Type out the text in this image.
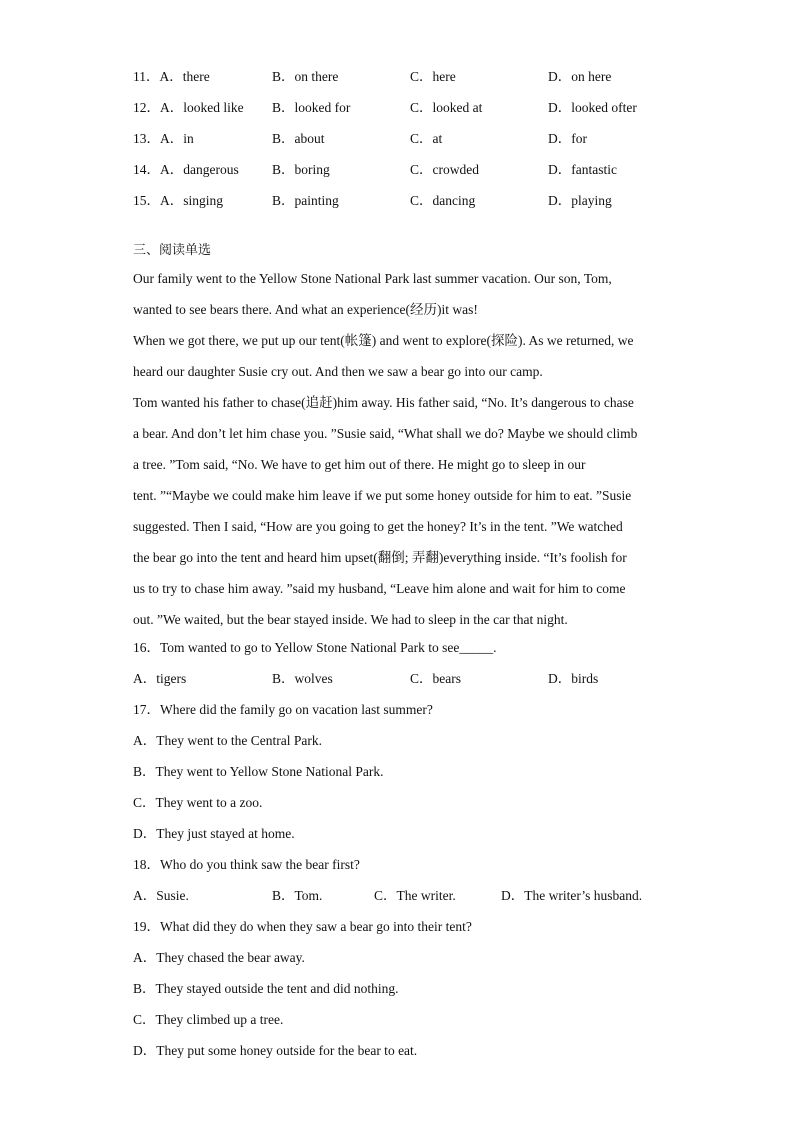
11．A．there	B．on there	C．here	D．on here
12．A．looked like B．looked for	C．looked at	D．looked ofter
13．A．in	B．about	C．at	D．for
14．A．dangerous B．boring	C．crowded	D．fantastic
15．A．singing	B．painting	C．dancing	D．playing
三、阅读单选

Our family went to the Yellow Stone National Park last summer vacation. Our son, Tom,

wanted to see bears there. And what an experience(经历)it was!

When we got there, we put up our tent(帐篷) and went to explore(探险). As we returned, we

heard our daughter Susie cry out. And then we saw a bear go into our camp.

Tom wanted his father to chase(追赶)him away. His father said, “No. It’s dangerous to chase

a bear. And don’t let him chase you. ”Susie said, “What shall we do? Maybe we should climb

a tree. ”Tom said, “No. We have to get him out of there. He might go to sleep in our

tent. ”“Maybe we could make him leave if we put some honey outside for him to eat. ”Susie

suggested. Then I said, “How are you going to get the honey? It’s in the tent. ”We watched

the bear go into the tent and heard him upset(翻倒; 弄翻)everything inside. “It’s foolish for

us to try to chase him away. ”said my husband, “Leave him alone and wait for him to come

out. ”We waited, but the bear stayed inside. We had to sleep in the car that night.

16．Tom wanted to go to Yellow Stone National Park to see_____.
A．tigers	B．wolves	C．bears	D．birds
17．Where did the family go on vacation last summer?
A．They went to the Central Park.
B．They went to Yellow Stone National Park.
C．They went to a zoo.
D．They just stayed at home.
18．Who do you think saw the bear first?
A．Susie.	B．Tom.	C．The writer.	D．The writer’s husband.
19．What did they do when they saw a bear go into their tent?
A．They chased the bear away.
B．They stayed outside the tent and did nothing.
C．They climbed up a tree.
D．They put some honey outside for the bear to eat.
